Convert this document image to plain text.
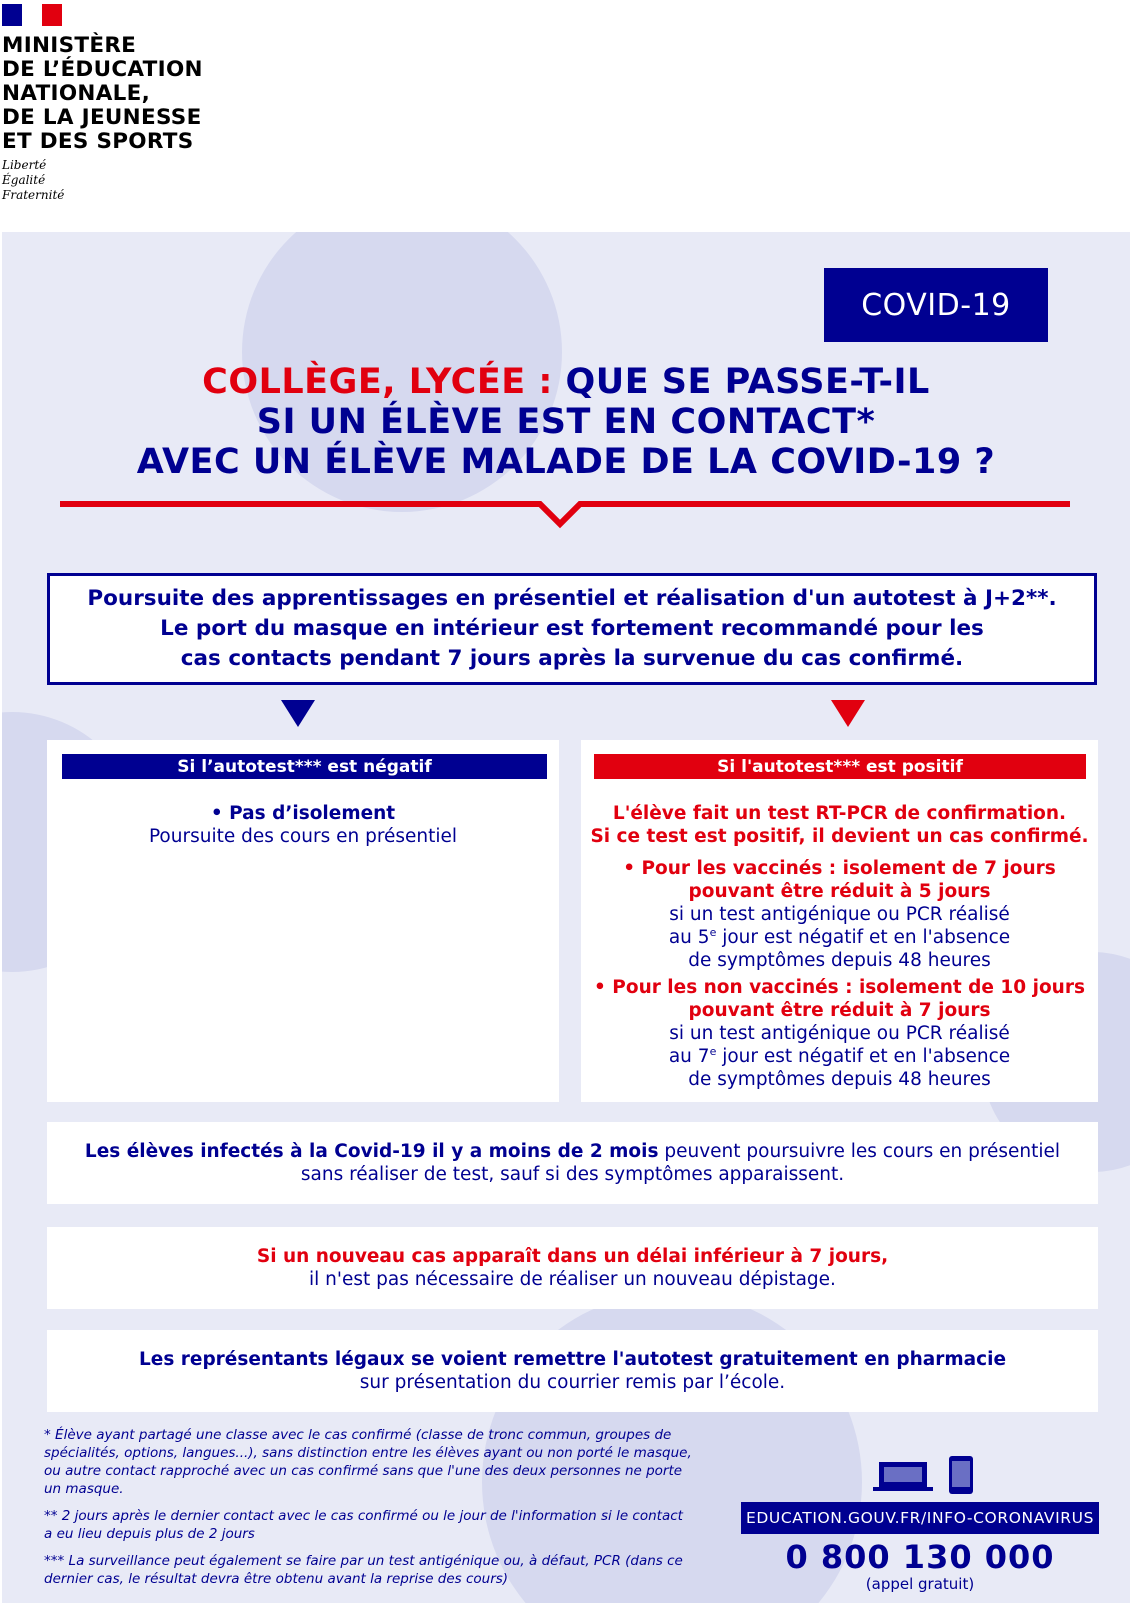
MINISTÈRE
DE L’ÉDUCATION
NATIONALE,
DE LA JEUNESSE
ET DES SPORTS
Liberté
Égalité
Fraternité
COVID-19
COLLÈGE, LYCÉE : QUE SE PASSE-T-IL
SI UN ÉLÈVE EST EN CONTACT*
AVEC UN ÉLÈVE MALADE DE LA COVID-19 ?
Poursuite des apprentissages en présentiel et réalisation d'un autotest à J+2**.
Le port du masque en intérieur est fortement recommandé pour les
cas contacts pendant 7 jours après la survenue du cas confirmé.
Si l’autotest*** est négatif
• Pas d’isolement
Poursuite des cours en présentiel
Si l'autotest*** est positif
L'élève fait un test RT-PCR de confirmation.
Si ce test est positif, il devient un cas confirmé.
• Pour les vaccinés : isolement de 7 jours
pouvant être réduit à 5 jours
si un test antigénique ou PCR réalisé
au 5e jour est négatif et en l'absence
de symptômes depuis 48 heures
• Pour les non vaccinés : isolement de 10 jours
pouvant être réduit à 7 jours
si un test antigénique ou PCR réalisé
au 7e jour est négatif et en l'absence
de symptômes depuis 48 heures
Les élèves infectés à la Covid-19 il y a moins de 2 mois peuvent poursuivre les cours en présentiel
sans réaliser de test, sauf si des symptômes apparaissent.
Si un nouveau cas apparaît dans un délai inférieur à 7 jours,
il n'est pas nécessaire de réaliser un nouveau dépistage.
Les représentants légaux se voient remettre l'autotest gratuitement en pharmacie
sur présentation du courrier remis par l’école.

* Élève ayant partagé une classe avec le cas confirmé (classe de tronc commun, groupes de spécialités, options, langues...), sans distinction entre les élèves ayant ou non porté le masque, ou autre contact rapproché avec un cas confirmé sans que l'une des deux personnes ne porte un masque.

** 2 jours après le dernier contact avec le cas confirmé ou le jour de l'information si le contact a eu lieu depuis plus de 2 jours

*** La surveillance peut également se faire par un test antigénique ou, à défaut, PCR (dans ce dernier cas, le résultat devra être obtenu avant la reprise des cours)

EDUCATION.GOUV.FR/INFO-CORONAVIRUS
0 800 130 000
(appel gratuit)
